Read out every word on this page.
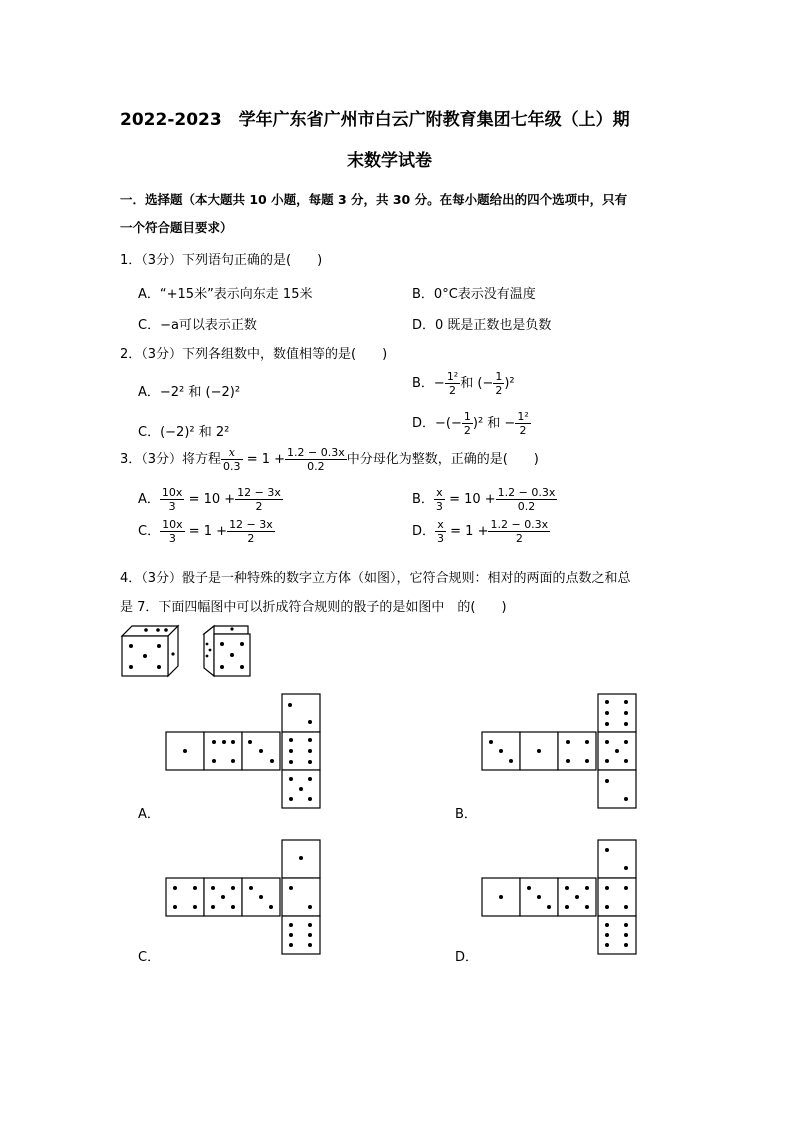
2022-2023　学年广东省广州市白云广附教育集团七年级（上）期
末数学试卷
一．选择题（本大题共 10 小题，每题 3 分，共 30 分。在每小题给出的四个选项中，只有
一个符合题目要求）
1．（3分）下列语句正确的是(　　)
A．“+15米”表示向东走 15米	B．0°C表示没有温度
C．−a可以表示正数	D．0 既是正数也是负数
2．（3分）下列各组数中，数值相等的是(　　)
A．−2² 和 (−2)²
B．− $\frac{\text{1²}}{2}$ 和 (− $\frac{1}{2} )^2$
C．(−2)² 和 2²
D．−(− $\frac{1}{2} )^2$ 和 − $\frac{\text{1²}}{2}$
3．（3分）将方程 $\frac{x}{0.3} = 1 + \frac{1.2 - 0.3x}{0.2}$ 中分母化为整数，正确的是(　　)
A． $\frac{10x}{3} = 10 + \frac{12 - 3x}{2}$	B． $\frac{x}{3} = 10 + \frac{1.2 - 0.3x}{0.2}$
C． $\frac{10x}{3} = 1 + \frac{12 - 3x}{2}$	D． $\frac{x}{3} = 1 + \frac{1.2 - 0.3x}{2}$
4．（3分）骰子是一种特殊的数字立方体（如图），它符合规则：相对的两面的点数之和总
是 7．下面四幅图中可以折成符合规则的骰子的是如图中　的(　　)
A．	B．
C．	D．
